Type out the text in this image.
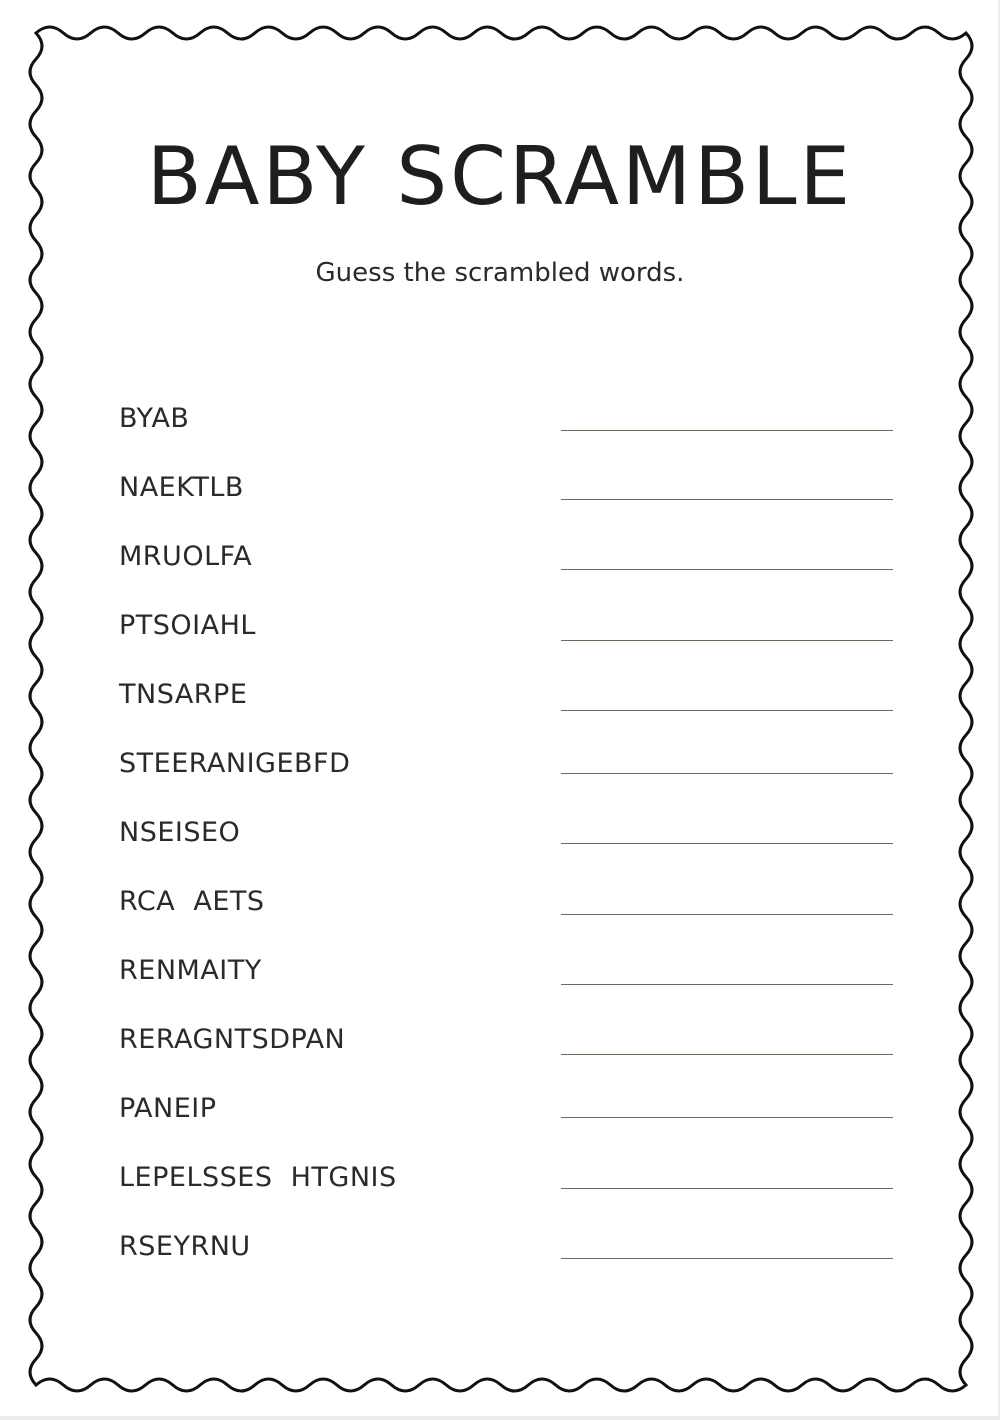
BABY SCRAMBLE
Guess the scrambled words.
BYAB
NAEKTLB
MRUOLFA
PTSOIAHL
TNSARPE
STEERANIGEBFD
NSEISEO
RCA  AETS
RENMAITY
RERAGNTSDPAN
PANEIP
LEPELSSES  HTGNIS
RSEYRNU
